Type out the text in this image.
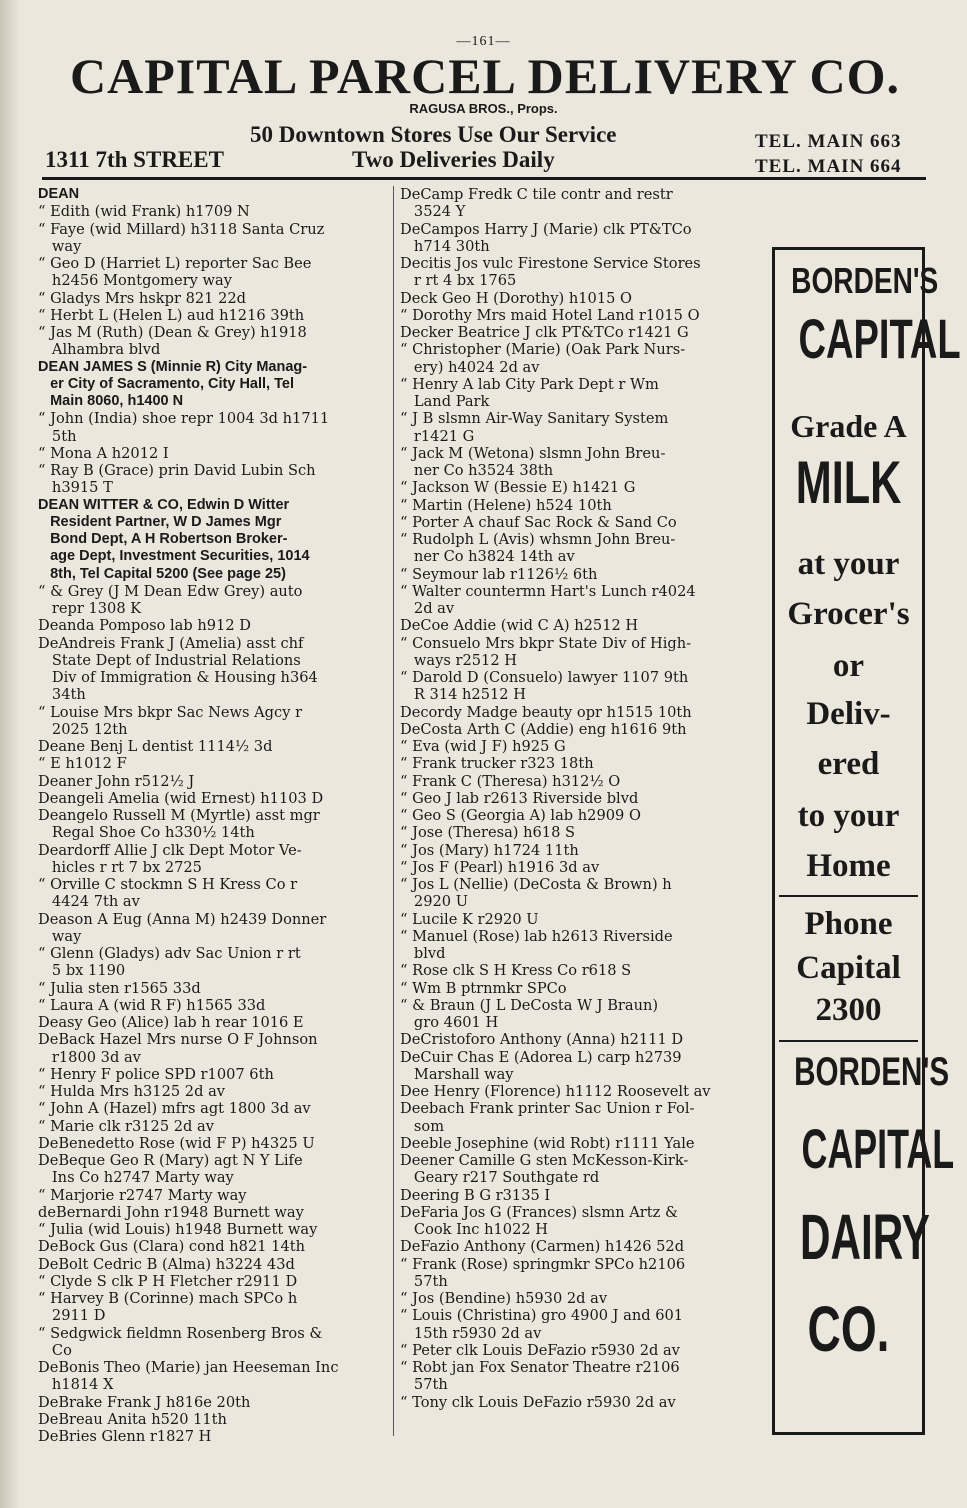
—161—
CAPITAL PARCEL DELIVERY CO.
RAGUSA BROS., Props.
50 Downtown Stores Use Our Service
1311 7th STREET	Two Deliveries Daily
TEL. MAIN 663
TEL. MAIN 664
DEAN
“ Edith (wid Frank) h1709 N
“ Faye (wid Millard) h3118 Santa Cruz
way
“ Geo D (Harriet L) reporter Sac Bee
h2456 Montgomery way
“ Gladys Mrs hskpr 821 22d
“ Herbt L (Helen L) aud h1216 39th
“ Jas M (Ruth) (Dean & Grey) h1918
Alhambra blvd
DEAN JAMES S (Minnie R) City Manag-
er City of Sacramento, City Hall, Tel
Main 8060, h1400 N
“ John (India) shoe repr 1004 3d h1711
5th
“ Mona A h2012 I
“ Ray B (Grace) prin David Lubin Sch
h3915 T
DEAN WITTER & CO, Edwin D Witter
Resident Partner, W D James Mgr
Bond Dept, A H Robertson Broker-
age Dept, Investment Securities, 1014
8th, Tel Capital 5200 (See page 25)
“ & Grey (J M Dean Edw Grey) auto
repr 1308 K
Deanda Pomposo lab h912 D
DeAndreis Frank J (Amelia) asst chf
State Dept of Industrial Relations
Div of Immigration & Housing h364
34th
“ Louise Mrs bkpr Sac News Agcy r
2025 12th
Deane Benj L dentist 1114½ 3d
“ E h1012 F
Deaner John r512½ J
Deangeli Amelia (wid Ernest) h1103 D
Deangelo Russell M (Myrtle) asst mgr
Regal Shoe Co h330½ 14th
Deardorff Allie J clk Dept Motor Ve-
hicles r rt 7 bx 2725
“ Orville C stockmn S H Kress Co r
4424 7th av
Deason A Eug (Anna M) h2439 Donner
way
“ Glenn (Gladys) adv Sac Union r rt
5 bx 1190
“ Julia sten r1565 33d
“ Laura A (wid R F) h1565 33d
Deasy Geo (Alice) lab h rear 1016 E
DeBack Hazel Mrs nurse O F Johnson
r1800 3d av
“ Henry F police SPD r1007 6th
“ Hulda Mrs h3125 2d av
“ John A (Hazel) mfrs agt 1800 3d av
“ Marie clk r3125 2d av
DeBenedetto Rose (wid F P) h4325 U
DeBeque Geo R (Mary) agt N Y Life
Ins Co h2747 Marty way
“ Marjorie r2747 Marty way
deBernardi John r1948 Burnett way
“ Julia (wid Louis) h1948 Burnett way
DeBock Gus (Clara) cond h821 14th
DeBolt Cedric B (Alma) h3224 43d
“ Clyde S clk P H Fletcher r2911 D
“ Harvey B (Corinne) mach SPCo h
2911 D
“ Sedgwick fieldmn Rosenberg Bros &
Co
DeBonis Theo (Marie) jan Heeseman Inc
h1814 X
DeBrake Frank J h816e 20th
DeBreau Anita h520 11th
DeBries Glenn r1827 H
DeCamp Fredk C tile contr and restr
3524 Y
DeCampos Harry J (Marie) clk PT&TCo
h714 30th
Decitis Jos vulc Firestone Service Stores
r rt 4 bx 1765
Deck Geo H (Dorothy) h1015 O
“ Dorothy Mrs maid Hotel Land r1015 O
Decker Beatrice J clk PT&TCo r1421 G
“ Christopher (Marie) (Oak Park Nurs-
ery) h4024 2d av
“ Henry A lab City Park Dept r Wm
Land Park
“ J B slsmn Air-Way Sanitary System
r1421 G
“ Jack M (Wetona) slsmn John Breu-
ner Co h3524 38th
“ Jackson W (Bessie E) h1421 G
“ Martin (Helene) h524 10th
“ Porter A chauf Sac Rock & Sand Co
“ Rudolph L (Avis) whsmn John Breu-
ner Co h3824 14th av
“ Seymour lab r1126½ 6th
“ Walter countermn Hart's Lunch r4024
2d av
DeCoe Addie (wid C A) h2512 H
“ Consuelo Mrs bkpr State Div of High-
ways r2512 H
“ Darold D (Consuelo) lawyer 1107 9th
R 314 h2512 H
Decordy Madge beauty opr h1515 10th
DeCosta Arth C (Addie) eng h1616 9th
“ Eva (wid J F) h925 G
“ Frank trucker r323 18th
“ Frank C (Theresa) h312½ O
“ Geo J lab r2613 Riverside blvd
“ Geo S (Georgia A) lab h2909 O
“ Jose (Theresa) h618 S
“ Jos (Mary) h1724 11th
“ Jos F (Pearl) h1916 3d av
“ Jos L (Nellie) (DeCosta & Brown) h
2920 U
“ Lucile K r2920 U
“ Manuel (Rose) lab h2613 Riverside
blvd
“ Rose clk S H Kress Co r618 S
“ Wm B ptrnmkr SPCo
“ & Braun (J L DeCosta W J Braun)
gro 4601 H
DeCristoforo Anthony (Anna) h2111 D
DeCuir Chas E (Adorea L) carp h2739
Marshall way
Dee Henry (Florence) h1112 Roosevelt av
Deebach Frank printer Sac Union r Fol-
som
Deeble Josephine (wid Robt) r1111 Yale
Deener Camille G sten McKesson-Kirk-
Geary r217 Southgate rd
Deering B G r3135 I
DeFaria Jos G (Frances) slsmn Artz &
Cook Inc h1022 H
DeFazio Anthony (Carmen) h1426 52d
“ Frank (Rose) springmkr SPCo h2106
57th
“ Jos (Bendine) h5930 2d av
“ Louis (Christina) gro 4900 J and 601
15th r5930 2d av
“ Peter clk Louis DeFazio r5930 2d av
“ Robt jan Fox Senator Theatre r2106
57th
“ Tony clk Louis DeFazio r5930 2d av
BORDEN'S
CAPITAL
Grade A
MILK
at your
Grocer's
or
Deliv-
ered
to your
Home
Phone
Capital
2300
BORDEN'S
CAPITAL
DAIRY
CO.
